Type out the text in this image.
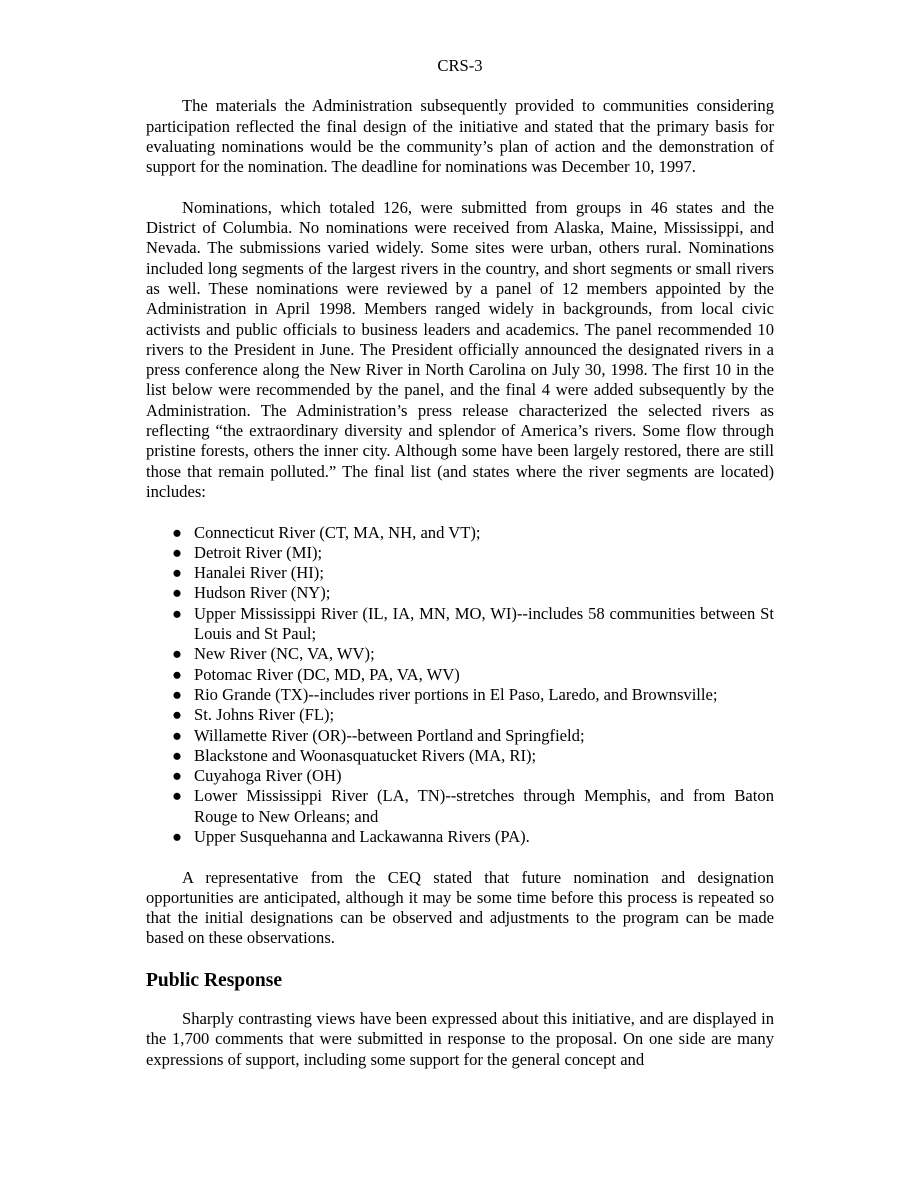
CRS-3

The materials the Administration subsequently provided to communities considering participation reflected the final design of the initiative and stated that the primary basis for evaluating nominations would be the community’s plan of action and the demonstration of support for the nomination. The deadline for nominations was December 10, 1997.

Nominations, which totaled 126, were submitted from groups in 46 states and the District of Columbia. No nominations were received from Alaska, Maine, Mississippi, and Nevada. The submissions varied widely. Some sites were urban, others rural. Nominations included long segments of the largest rivers in the country, and short segments or small rivers as well. These nominations were reviewed by a panel of 12 members appointed by the Administration in April 1998. Members ranged widely in backgrounds, from local civic activists and public officials to business leaders and academics. The panel recommended 10 rivers to the President in June. The President officially announced the designated rivers in a press conference along the New River in North Carolina on July 30, 1998. The first 10 in the list below were recommended by the panel, and the final 4 were added subsequently by the Administration. The Administration’s press release characterized the selected rivers as reflecting “the extraordinary diversity and splendor of America’s rivers. Some flow through pristine forests, others the inner city. Although some have been largely restored, there are still those that remain polluted.” The final list (and states where the river segments are located) includes:

● Connecticut River (CT, MA, NH, and VT);
● Detroit River (MI);
● Hanalei River (HI);
● Hudson River (NY);
● Upper Mississippi River (IL, IA, MN, MO, WI)--includes 58 communities between St Louis and St Paul;
● New River (NC, VA, WV);
● Potomac River (DC, MD, PA, VA, WV)
● Rio Grande (TX)--includes river portions in El Paso, Laredo, and Brownsville;
● St. Johns River (FL);
● Willamette River (OR)--between Portland and Springfield;
● Blackstone and Woonasquatucket Rivers (MA, RI);
● Cuyahoga River (OH)
● Lower Mississippi River (LA, TN)--stretches through Memphis, and from Baton Rouge to New Orleans; and
● Upper Susquehanna and Lackawanna Rivers (PA).

A representative from the CEQ stated that future nomination and designation opportunities are anticipated, although it may be some time before this process is repeated so that the initial designations can be observed and adjustments to the program can be made based on these observations.

Public Response

Sharply contrasting views have been expressed about this initiative, and are displayed in the 1,700 comments that were submitted in response to the proposal. On one side are many expressions of support, including some support for the general concept and
